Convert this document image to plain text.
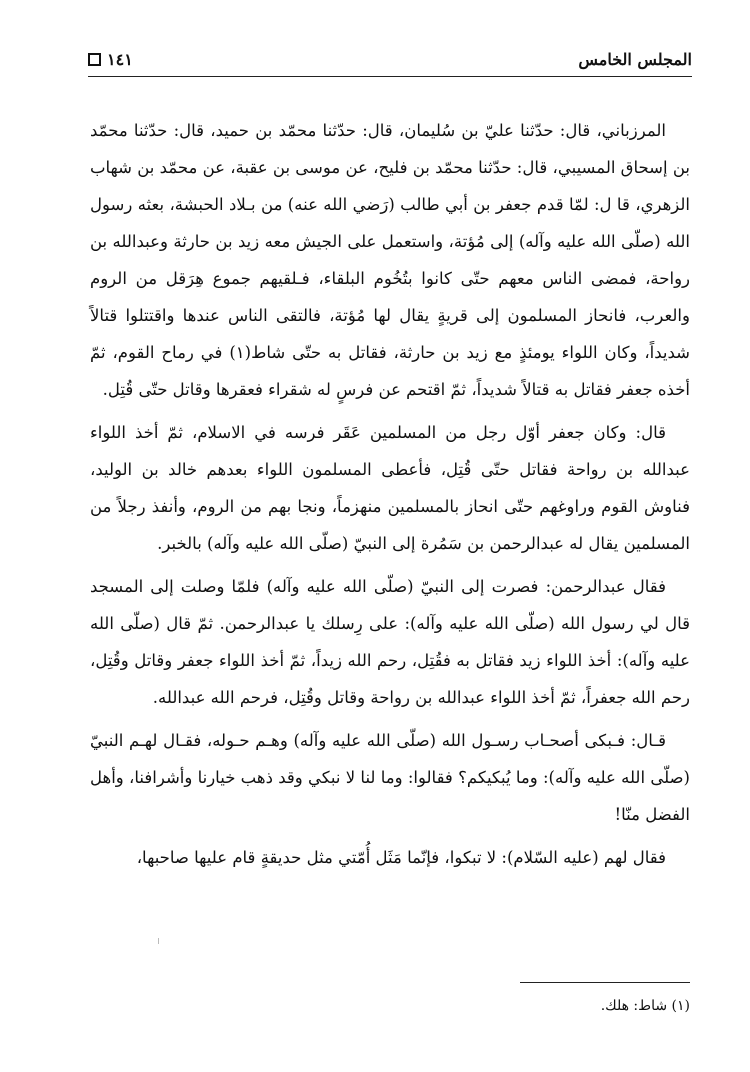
المجلس الخامس
١٤١

المرزباني، قال: حدّثنا عليّ بن سُليمان، قال: حدّثنا محمّد بن حميد، قال: حدّثنا محمّد بن إسحاق المسيبي، قال: حدّثنا محمّد بن فليح، عن موسى بن عقبة، عن محمّد بن شهاب الزهري، قا ل: لمّا قدم جعفر بن أبي طالب (رَضي الله عنه) من بـلاد الحبشة، بعثه رسول الله (صلّى الله عليه وآله) إلى مُؤتة، واستعمل على الجيش معه زيد بن حارثة وعبدالله بن رواحة، فمضى الناس معهم حتّى كانوا بتُخُوم البلقاء، فـلقيهم جموع هِرَقل من الروم والعرب، فانحاز المسلمون إلى قريةٍ يقال لها مُؤتة، فالتقى الناس عندها واقتتلوا قتالاً شديداً، وكان اللواء يومئذٍ مع زيد بن حارثة، فقاتل به حتّى شاط(١) في رماح القوم، ثمّ أخذه جعفر فقاتل به قتالاً شديداً، ثمّ اقتحم عن فرسٍ له شقراء فعقرها وقاتل حتّى قُتِل.

قال: وكان جعفر أوّل رجل من المسلمين عَقَر فرسه في الاسلام، ثمّ أخذ اللواء عبدالله بن رواحة فقاتل حتّى قُتِل، فأعطى المسلمون اللواء بعدهم خالد بن الوليد، فناوش القوم وراوغهم حتّى انحاز بالمسلمين منهزماً، ونجا بهم من الروم، وأنفذ رجلاً من المسلمين يقال له عبدالرحمن بن سَمُرة إلى النبيّ (صلّى الله عليه وآله) بالخبر.

فقال عبدالرحمن: فصرت إلى النبيّ (صلّى الله عليه وآله) فلمّا وصلت إلى المسجد قال لي رسول الله (صلّى الله عليه وآله): على رِسلك يا عبدالرحمن. ثمّ قال (صلّى الله عليه وآله): أخذ اللواء زيد فقاتل به فقُتِل، رحم الله زيداً، ثمّ أخذ اللواء جعفر وقاتل وقُتِل، رحم الله جعفراً، ثمّ أخذ اللواء عبدالله بن رواحة وقاتل وقُتِل، فرحم الله عبدالله.

قـال: فـبكى أصحـاب رسـول الله (صلّى الله عليه وآله) وهـم حـوله، فقـال لهـم النبيّ (صلّى الله عليه وآله): وما يُبكيكم؟ فقالوا: وما لنا لا نبكي وقد ذهب خيارنا وأشرافنا، وأهل الفضل منّا!

فقال لهم (عليه السّلام): لا تبكوا، فإنّما مَثَل أُمّتي مثل حديقةٍ قام عليها صاحبها،

(١) شاط: هلك.
